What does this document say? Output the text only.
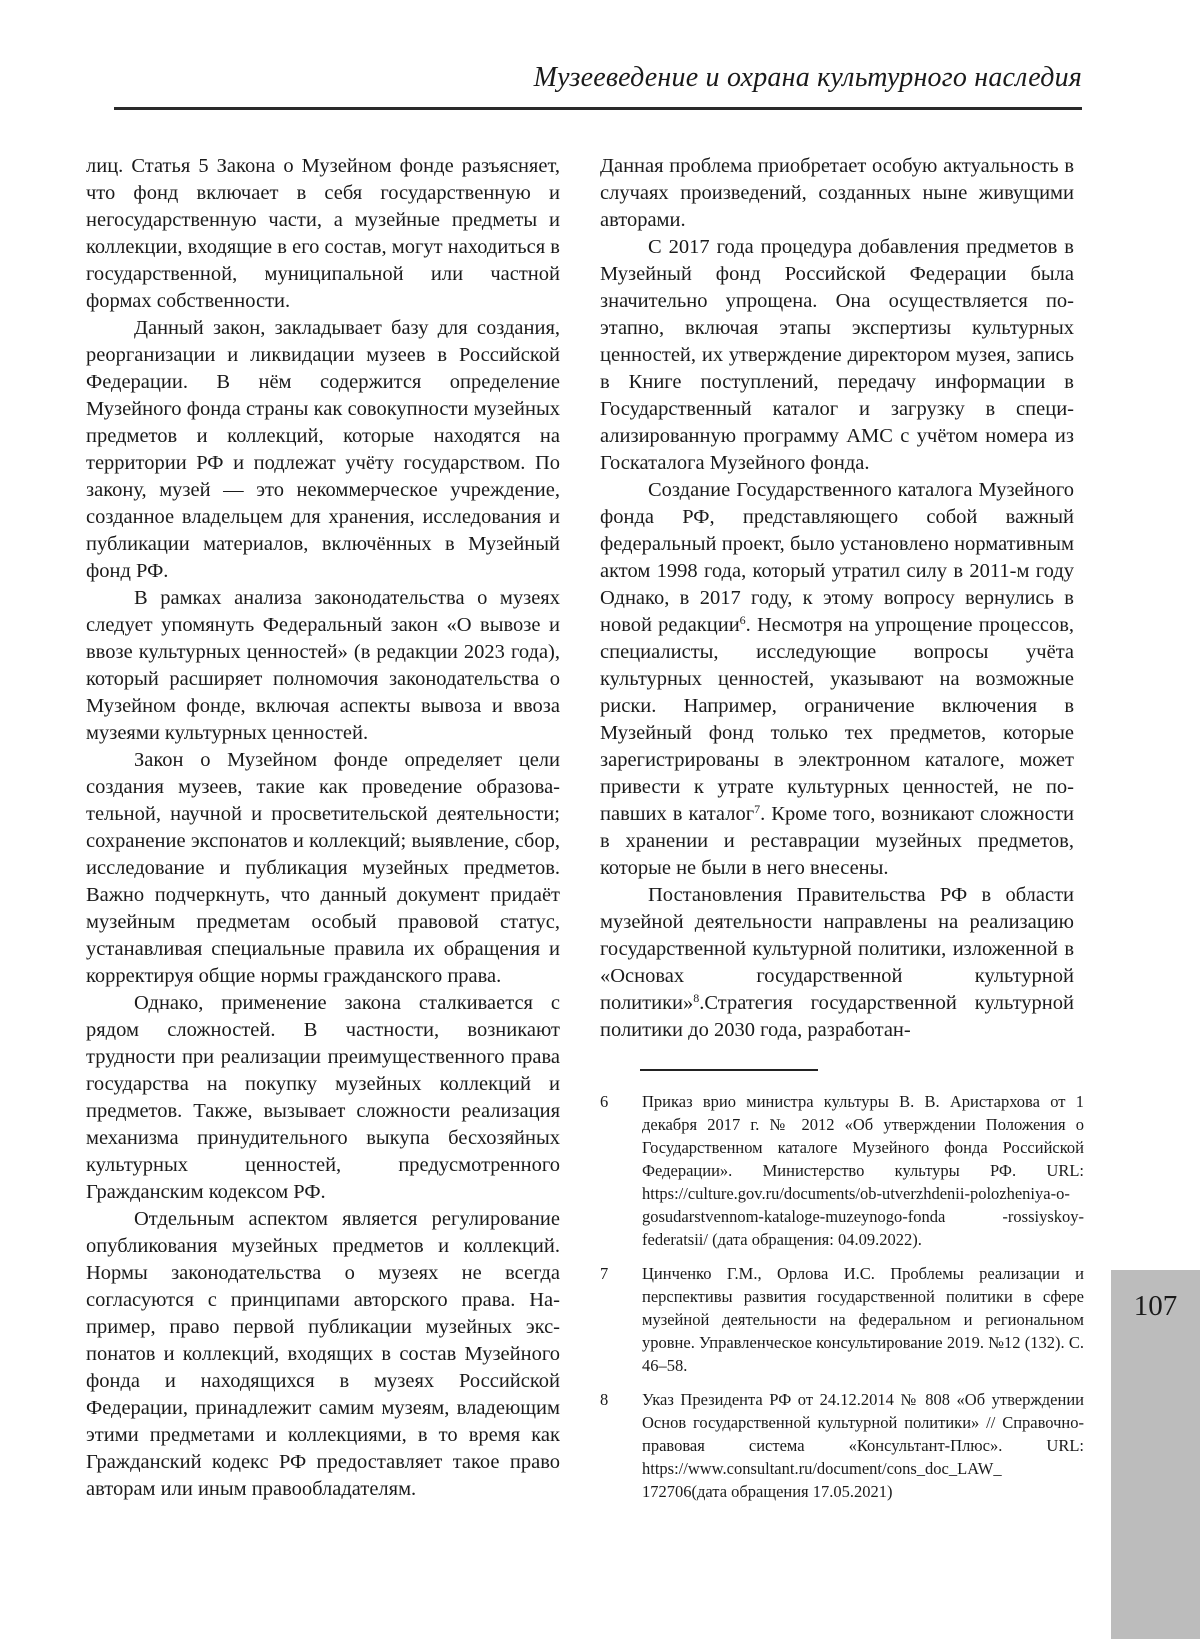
Музееведение и охрана культурного наследия

лиц. Статья 5 Закона о Музейном фонде разъясняет, что фонд включает в себя государственную и негосударственную части, а музейные предметы и коллекции, входящие в его состав, могут находиться в государственной, муниципальной или частной формах собственности.

Данный закон, закладывает базу для создания, реорганизации и ликвидации музеев в Российской Федерации. В нём содержится определение Музейного фонда страны как совокупности музейных предметов и коллекций, которые находятся на территории РФ и подлежат учёту государством. По закону, музей — это некоммерческое учреждение, созданное владельцем для хранения, исследования и публикации материалов, включённых в Музейный фонд РФ.

В рамках анализа законодательства о музеях следует упомянуть Федеральный закон «О вывозе и ввозе культурных ценностей» (в редакции 2023 года), который расширяет полномочия законодательства о Музейном фонде, включая аспекты вывоза и ввоза музеями культурных ценностей.

Закон о Музейном фонде определяет цели создания музеев, такие как проведение образовательной, научной и просветительской деятельности; сохранение экспонатов и коллекций; выявление, сбор, исследование и публикация музейных предметов. Важно подчеркнуть, что данный документ придаёт музейным предметам особый правовой статус, устанавливая специальные правила их обращения и корректируя общие нормы гражданского права.

Однако, применение закона сталкивается с рядом сложностей. В частности, возникают трудности при реализации преимущественного права государства на покупку музейных коллекций и предметов. Также, вызывает сложности реализация механизма принудительного выкупа бесхозяйных культурных ценностей, предусмотренного Гражданским кодексом РФ.

Отдельным аспектом является регулирование опубликования музейных предметов и коллекций. Нормы законодательства о музеях не всегда согласуются с принципами авторского права. Например, право первой публикации музейных экспонатов и коллекций, входящих в состав Музейного фонда и находящихся в музеях Российской Федерации, принадлежит самим музеям, владеющим этими предметами и коллекциями, в то время как Гражданский кодекс РФ предоставляет такое право авторам или иным правообладателям.

Данная проблема приобретает особую актуальность в случаях произведений, созданных ныне живущими авторами.

С 2017 года процедура добавления предметов в Музейный фонд Российской Федерации была значительно упрощена. Она осуществляется поэтапно, включая этапы экспертизы культурных ценностей, их утверждение директором музея, запись в Книге поступлений, передачу информации в Государственный каталог и загрузку в специализированную программу АМС с учётом номера из Госкаталога Музейного фонда.

Создание Государственного каталога Музейного фонда РФ, представляющего собой важный федеральный проект, было установлено нормативным актом 1998 года, который утратил силу в 2011-м году Однако, в 2017 году, к этому вопросу вернулись в новой редакции$^6$. Несмотря на упрощение процессов, специалисты, исследующие вопросы учёта культурных ценностей, указывают на возможные риски. Например, ограничение включения в Музейный фонд только тех предметов, которые зарегистрированы в электронном каталоге, может привести к утрате культурных ценностей, не попавших в каталог$^7$. Кроме того, возникают сложности в хранении и реставрации музейных предметов, которые не были в него внесены.

Постановления Правительства РФ в области музейной деятельности направлены на реализацию государственной культурной политики, изложенной в «Основах государственной культурной политики»$^8$.Стратегия государственной культурной политики до 2030 года, разработан-

6	Приказ врио министра культуры В. В. Аристархова от 1 декабря 2017 г. № 2012 «Об утверждении Положения о Государственном каталоге Музейного фонда Российской Федерации». Министерство культуры РФ. URL: https://culture.gov.ru/documents/ob-utverzhdenii-polozheniya-o-gosudarstvennom-kataloge-muzeynogo-fonda -rossiyskoy-federatsii/ (дата обращения: 04.09.2022).
7	Цинченко Г.М., Орлова И.С. Проблемы реализации и перспективы развития государственной политики в сфере музейной деятельности на федеральном и региональном уровне. Управленческое консультирование 2019. №12 (132). С. 46–58.
8	Указ Президента РФ от 24.12.2014 № 808 «Об утверждении Основ государственной культурной политики» // Справочно-правовая система «Консультант-Плюс». URL: https://www.consultant.ru/document/cons_doc_LAW_ 172706(дата обращения 17.05.2021)
107
